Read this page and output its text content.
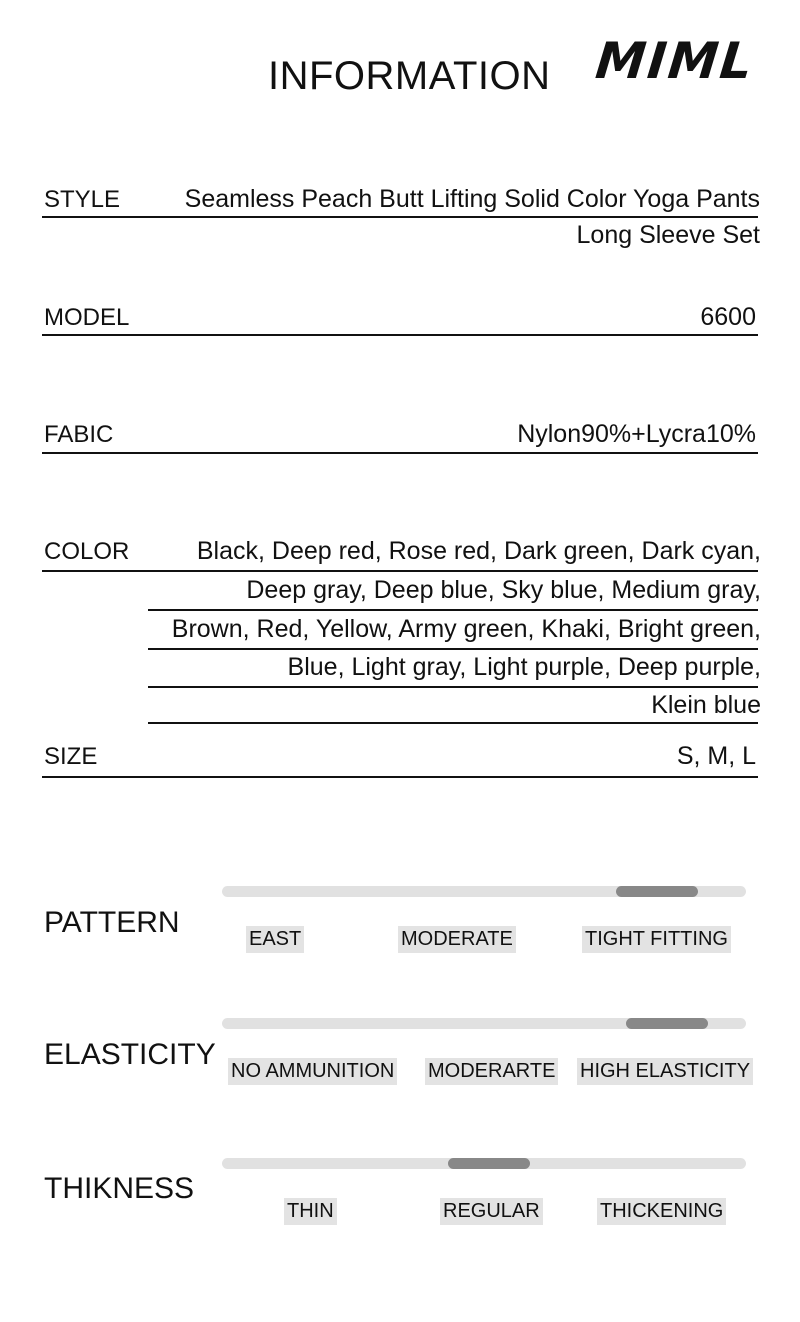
INFORMATION MIML
STYLE	Seamless Peach Butt Lifting Solid Color Yoga Pants
Long Sleeve Set
MODEL	6600
FABIC	Nylon90%+Lycra10%
COLOR	Black, Deep red, Rose red, Dark green, Dark cyan,
Deep gray, Deep blue, Sky blue, Medium gray,
Brown, Red, Yellow, Army green, Khaki, Bright green,
Blue, Light gray, Light purple, Deep purple,
Klein blue
SIZE	S, M, L
PATTERN	EAST	MODERATE	TIGHT FITTING
ELASTICITY NO AMMUNITION MODERARTE HIGH ELASTICITY
THIKNESS
THIN	REGULAR	THICKENING
